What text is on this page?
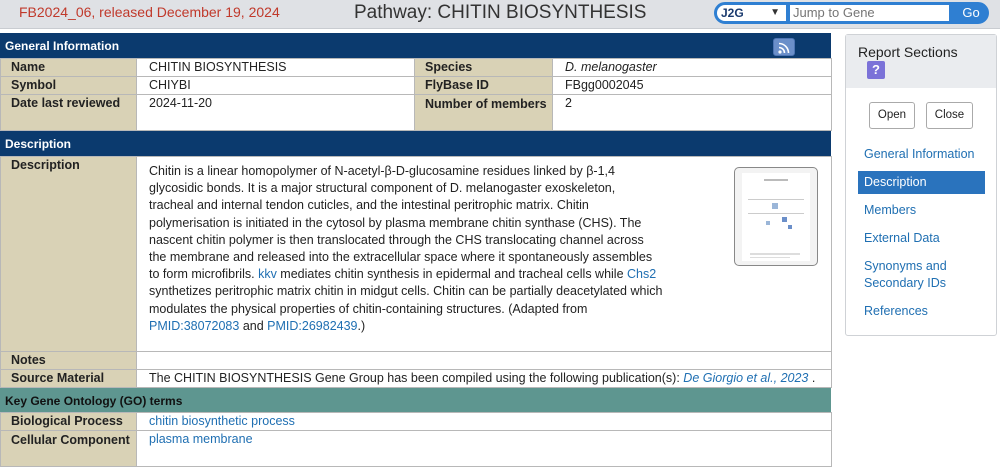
FB2024_06, released December 19, 2024	Pathway: CHITIN BIOSYNTHESIS	J2G	▼
Jump to Gene	Go
General Information
Name	CHITIN BIOSYNTHESIS	Species	D. melanogaster
Symbol	CHIYBI	FlyBase ID	FBgg0002045
Date last reviewed	2024-11-20	Number of members	2
Description
Description	Chitin is a linear homopolymer of N-acetyl-β-D-glucosamine residues linked by β-1,4 glycosidic bonds. It is a major structural component of D. melanogaster exoskeleton, tracheal and internal tendon cuticles, and the intestinal peritrophic matrix. Chitin polymerisation is initiated in the cytosol by plasma membrane chitin synthase (CHS). The nascent chitin polymer is then translocated through the CHS translocating channel across the membrane and released into the extracellular space where it spontaneously assembles to form microfibrils. kkv mediates chitin synthesis in epidermal and tracheal cells while Chs2 synthetizes peritrophic matrix chitin in midgut cells. Chitin can be partially deacetylated which modulates the physical properties of chitin-containing structures. (Adapted from PMID:38072083 and PMID:26982439.)

Notes	
Source Material	The CHITIN BIOSYNTHESIS Gene Group has been compiled using the following publication(s): De Giorgio et al., 2023 .
Key Gene Ontology (GO) terms
Biological Process	chitin biosynthetic process
Cellular Component	plasma membrane
Report Sections
?
Open	Close
General Information
Description
Members
External Data
Synonyms and Secondary IDs
References
